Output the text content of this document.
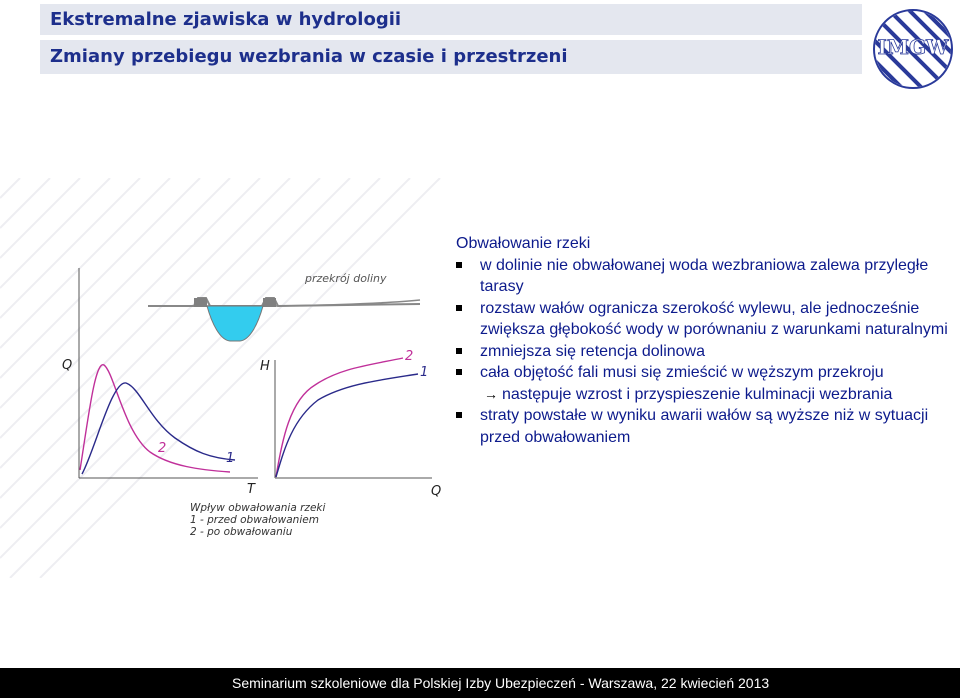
Ekstremalne zjawiska w hydrologii
Zmiany przebiegu wezbrania w czasie i przestrzeni	IMGW
przekrój doliny
Q
T
2
1
H
Q
2
1
Wpływ obwałowania rzeki
1 - przed obwałowaniem
2 - po obwałowaniu

Obwałowanie rzeki

w dolinie nie obwałowanej woda wezbraniowa zalewa przyległe tarasy
rozstaw wałów ogranicza szerokość wylewu, ale jednocześnie zwiększa głębokość wody w porównaniu z warunkami naturalnymi
zmniejsza się retencja dolinowa
cała objętość fali musi się zmieścić w węższym przekroju
→ następuje wzrost i przyspieszenie kulminacji wezbrania
straty powstałe w wyniku awarii wałów są wyższe niż w sytuacji przed obwałowaniem
Seminarium szkoleniowe dla Polskiej Izby Ubezpieczeń - Warszawa, 22 kwiecień 2013
